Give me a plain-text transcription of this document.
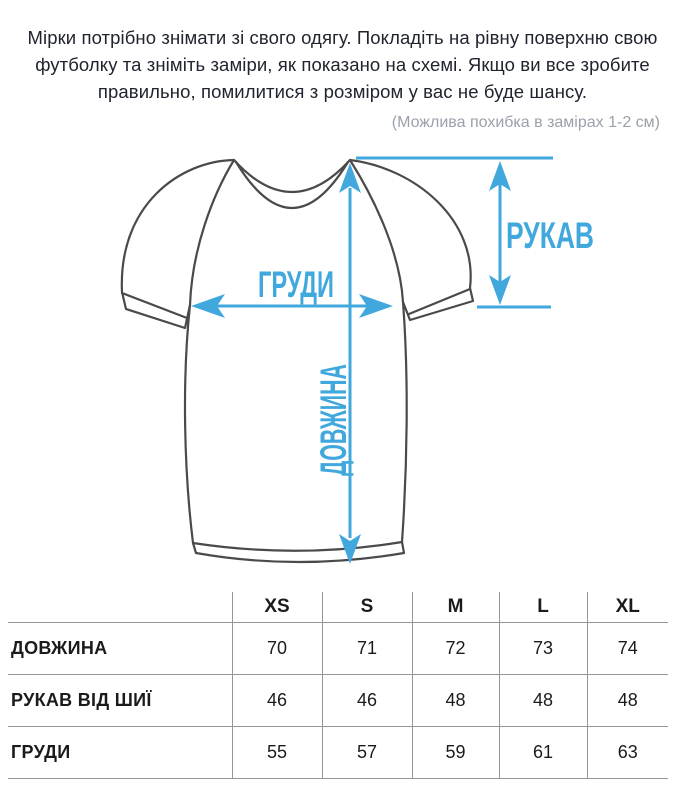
Мірки потрібно знімати зі свого одягу. Покладіть на рівну поверхню свою футболку та зніміть заміри, як показано на схемі. Якщо ви все зробите правильно, помилитися з розміром у вас не буде шансу.

(Можлива похибка в замірах 1-2 см)

РУКАВ
ГРУДИ
ДОВЖИНА
	XS	S	M	L	XL
ДОВЖИНА	70	71	72	73	74
РУКАВ ВІД ШИЇ	46	46	48	48	48
ГРУДИ	55	57	59	61	63
